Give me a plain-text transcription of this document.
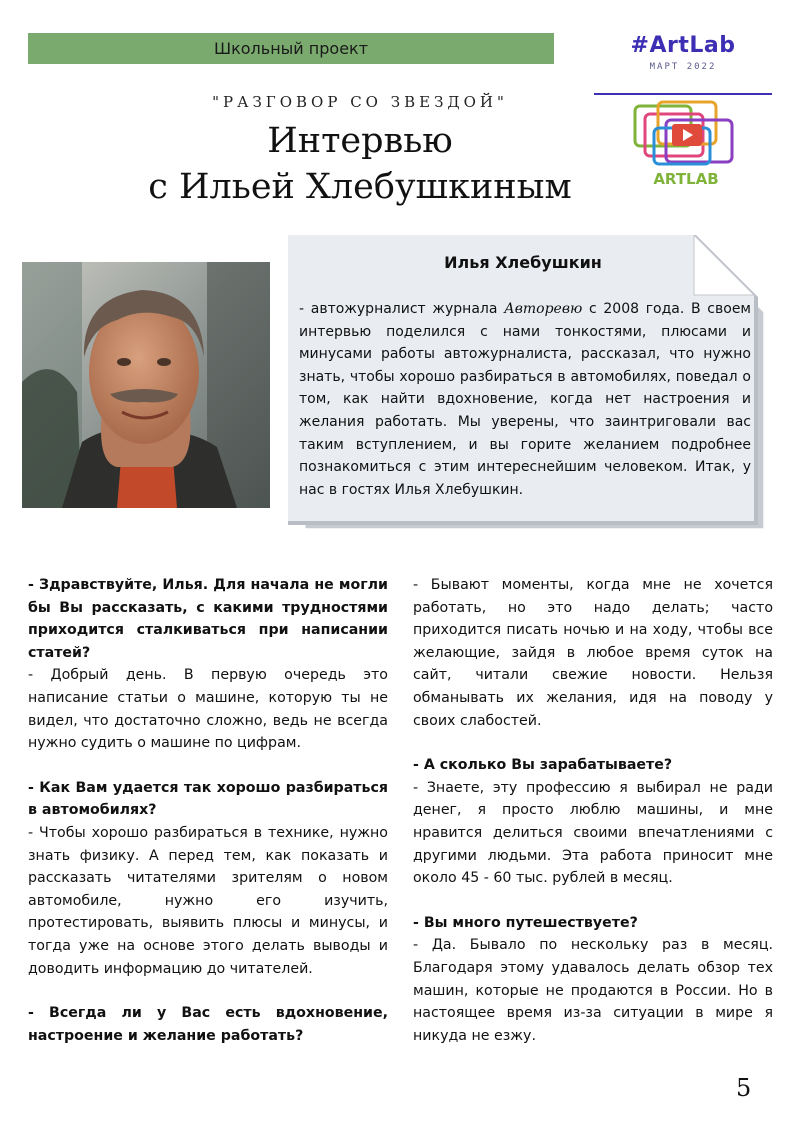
Школьный проект	#ArtLab
МАРТ 2022
ARTLAB
"РАЗГОВОР СО ЗВЕЗДОЙ"
Интервью
с Ильей Хлебушкиным
Илья Хлебушкин
- автожурналист журнала Авторевю с 2008 года. В своем интервью поделился с нами тонкостями, плюсами и минусами работы автожурналиста, рассказал, что нужно знать, чтобы хорошо разбираться в автомобилях, поведал о том, как найти вдохновение, когда нет настроения и желания работать. Мы уверены, что заинтриговали вас таким вступлением, и вы горите желанием подробнее познакомиться с этим интереснейшим человеком. Итак, у нас в гостях Илья Хлебушкин.

- Здравствуйте, Илья. Для начала не могли бы Вы рассказать, с какими трудностями приходится сталкиваться при написании статей?

- Добрый день. В первую очередь это написание статьи о машине, которую ты не видел, что достаточно сложно, ведь не всегда нужно судить о машине по цифрам.

- Как Вам удается так хорошо разбираться в автомобилях?

- Чтобы хорошо разбираться в технике, нужно знать физику. А перед тем, как показать и рассказать читателями зрителям о новом автомобиле, нужно его изучить, протестировать, выявить плюсы и минусы, и тогда уже на основе этого делать выводы и доводить информацию до читателей.

- Всегда ли у Вас есть вдохновение, настроение и желание работать?

- Бывают моменты, когда мне не хочется работать, но это надо делать; часто приходится писать ночью и на ходу, чтобы все желающие, зайдя в любое время суток на сайт, читали свежие новости. Нельзя обманывать их желания, идя на поводу у своих слабостей.

- А сколько Вы зарабатываете?

- Знаете, эту профессию я выбирал не ради денег, я просто люблю машины, и мне нравится делиться своими впечатлениями с другими людьми. Эта работа приносит мне около 45 - 60 тыс. рублей в месяц.

- Вы много путешествуете?

- Да. Бывало по нескольку раз в месяц. Благодаря этому удавалось делать обзор тех машин, которые не продаются в России. Но в настоящее время из-за ситуации в мире я никуда не езжу.

5
